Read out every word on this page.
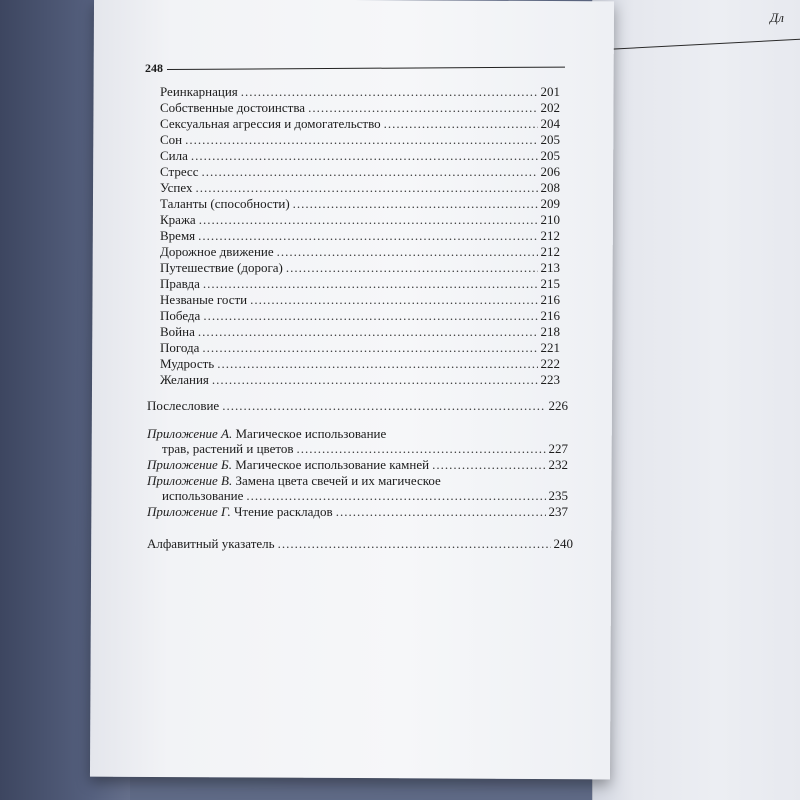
Дл
248
Реинкарнация .....	201
Собственные достоинства .....	202
Сексуальная агрессия и домогательство .....	204
Сон .....	205
Сила .....	205
Стресс .....	206
Успех .....	208
Таланты (способности) .....	209
Кража .....	210
Время .....	212
Дорожное движение .....	212
Путешествие (дорога) .....	213
Правда .....	215
Незваные гости .....	216
Победа .....	216
Война .....	218
Погода .....	221
Мудрость .....	222
Желания .....	223
Послесловие .....	226
Приложение А. Магическое использование
трав, растений и цветов .....	227
Приложение Б. Магическое использование камней .....	232
Приложение В. Замена цвета свечей и их магическое
использование .....	235
Приложение Г. Чтение раскладов .....	237
Алфавитный указатель .....	240
